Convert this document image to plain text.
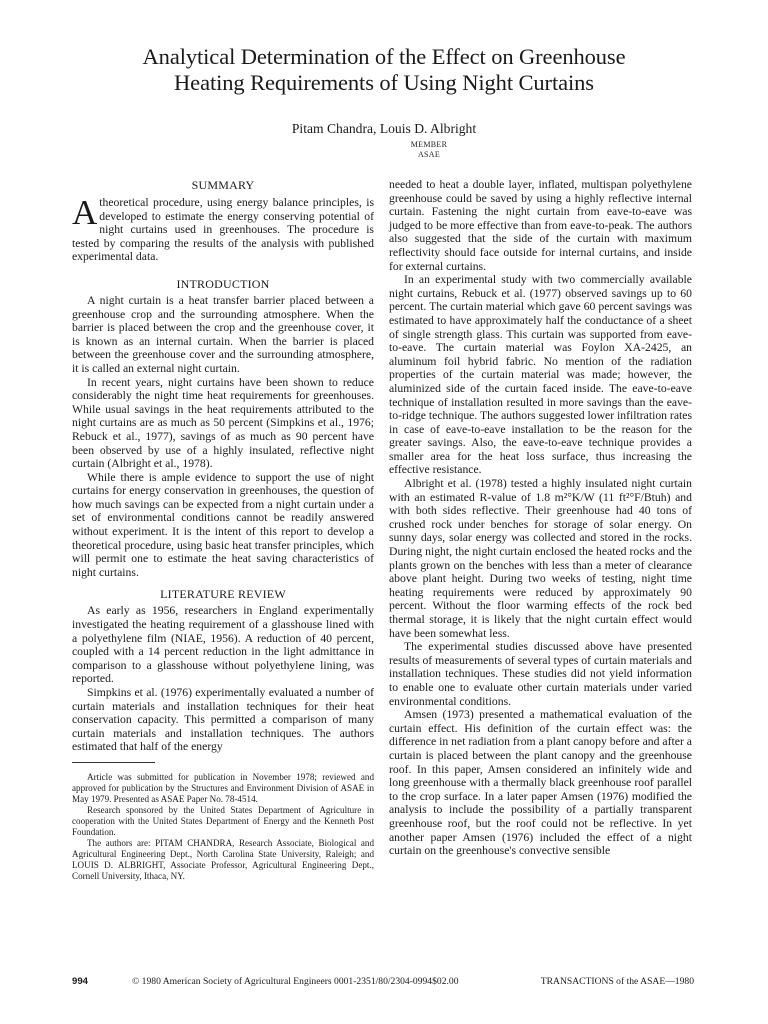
Analytical Determination of the Effect on Greenhouse
Heating Requirements of Using Night Curtains
Pitam Chandra, Louis D. Albright
MEMBER
ASAE
SUMMARY

Atheoretical procedure, using energy balance principles, is developed to estimate the energy conserving potential of night curtains used in greenhouses. The procedure is tested by comparing the results of the analysis with published experimental data.

INTRODUCTION

A night curtain is a heat transfer barrier placed between a greenhouse crop and the surrounding atmosphere. When the barrier is placed between the crop and the greenhouse cover, it is known as an internal curtain. When the barrier is placed between the greenhouse cover and the surrounding atmosphere, it is called an external night curtain.

In recent years, night curtains have been shown to reduce considerably the night time heat requirements for greenhouses. While usual savings in the heat requirements attributed to the night curtains are as much as 50 percent (Simpkins et al., 1976; Rebuck et al., 1977), savings of as much as 90 percent have been observed by use of a highly insulated, reflective night curtain (Albright et al., 1978).

While there is ample evidence to support the use of night curtains for energy conservation in greenhouses, the question of how much savings can be expected from a night curtain under a set of environmental conditions cannot be readily answered without experiment. It is the intent of this report to develop a theoretical procedure, using basic heat transfer principles, which will permit one to estimate the heat saving characteristics of night curtains.

LITERATURE REVIEW

As early as 1956, researchers in England experimentally investigated the heating requirement of a glasshouse lined with a polyethylene film (NIAE, 1956). A reduction of 40 percent, coupled with a 14 percent reduction in the light admittance in comparison to a glasshouse without polyethylene lining, was reported.

Simpkins et al. (1976) experimentally evaluated a number of curtain materials and installation techniques for their heat conservation capacity. This permitted a comparison of many curtain materials and installation techniques. The authors estimated that half of the energy

Article was submitted for publication in November 1978; reviewed and approved for publication by the Structures and Environment Division of ASAE in May 1979. Presented as ASAE Paper No. 78-4514.

Research sponsored by the United States Department of Agriculture in cooperation with the United States Department of Energy and the Kenneth Post Foundation.

The authors are: PITAM CHANDRA, Research Associate, Biological and Agricultural Engineering Dept., North Carolina State University, Raleigh; and LOUIS D. ALBRIGHT, Associate Professor, Agricultural Engineering Dept., Cornell University, Ithaca, NY.

needed to heat a double layer, inflated, multispan polyethylene greenhouse could be saved by using a highly reflective internal curtain. Fastening the night curtain from eave-to-eave was judged to be more effective than from eave-to-peak. The authors also suggested that the side of the curtain with maximum reflectivity should face outside for internal curtains, and inside for external curtains.

In an experimental study with two commercially available night curtains, Rebuck et al. (1977) observed savings up to 60 percent. The curtain material which gave 60 percent savings was estimated to have approximately half the conductance of a sheet of single strength glass. This curtain was supported from eave-to-eave. The curtain material was Foylon XA-2425, an aluminum foil hybrid fabric. No mention of the radiation properties of the curtain material was made; however, the aluminized side of the curtain faced inside. The eave-to-eave technique of installation resulted in more savings than the eave-to-ridge technique. The authors suggested lower infiltration rates in case of eave-to-eave installation to be the reason for the greater savings. Also, the eave-to-eave technique provides a smaller area for the heat loss surface, thus increasing the effective resistance.

Albright et al. (1978) tested a highly insulated night curtain with an estimated R-value of 1.8 m²°K/W (11 ft²°F/Btuh) and with both sides reflective. Their greenhouse had 40 tons of crushed rock under benches for storage of solar energy. On sunny days, solar energy was collected and stored in the rocks. During night, the night curtain enclosed the heated rocks and the plants grown on the benches with less than a meter of clearance above plant height. During two weeks of testing, night time heating requirements were reduced by approximately 90 percent. Without the floor warming effects of the rock bed thermal storage, it is likely that the night curtain effect would have been somewhat less.

The experimental studies discussed above have presented results of measurements of several types of curtain materials and installation techniques. These studies did not yield information to enable one to evaluate other curtain materials under varied environmental conditions.

Amsen (1973) presented a mathematical evaluation of the curtain effect. His definition of the curtain effect was: the difference in net radiation from a plant canopy before and after a curtain is placed between the plant canopy and the greenhouse roof. In this paper, Amsen considered an infinitely wide and long greenhouse with a thermally black greenhouse roof parallel to the crop surface. In a later paper Amsen (1976) modified the analysis to include the possibility of a partially transparent greenhouse roof, but the roof could not be reflective. In yet another paper Amsen (1976) included the effect of a night curtain on the greenhouse's convective sensible

994	© 1980 American Society of Agricultural Engineers 0001-2351/80/2304-0994$02.00	TRANSACTIONS of the ASAE—1980
